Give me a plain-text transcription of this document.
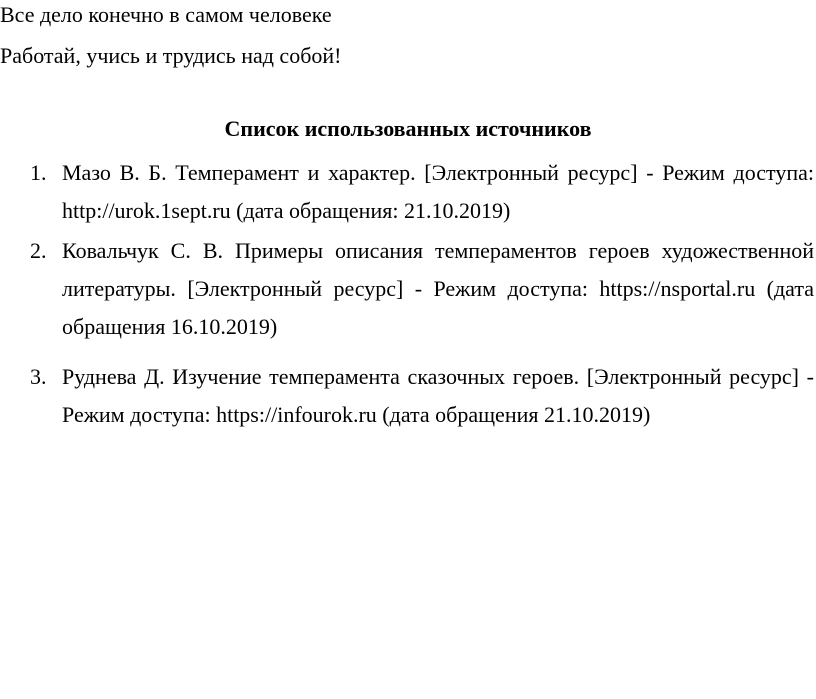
Все дело конечно в самом человеке
Работай, учись и трудись над собой!
Список использованных источников
1. Мазо В. Б. Темперамент и характер. [Электронный ресурс] - Режим доступа: http://urok.1sept.ru (дата обращения: 21.10.2019)
2. Ковальчук С. В. Примеры описания темпераментов героев художественной литературы. [Электронный ресурс] - Режим доступа: https://nsportal.ru (дата обращения 16.10.2019)
3. Руднева Д. Изучение темперамента сказочных героев. [Электронный ресурс] - Режим доступа: https://infourok.ru (дата обращения 21.10.2019)
